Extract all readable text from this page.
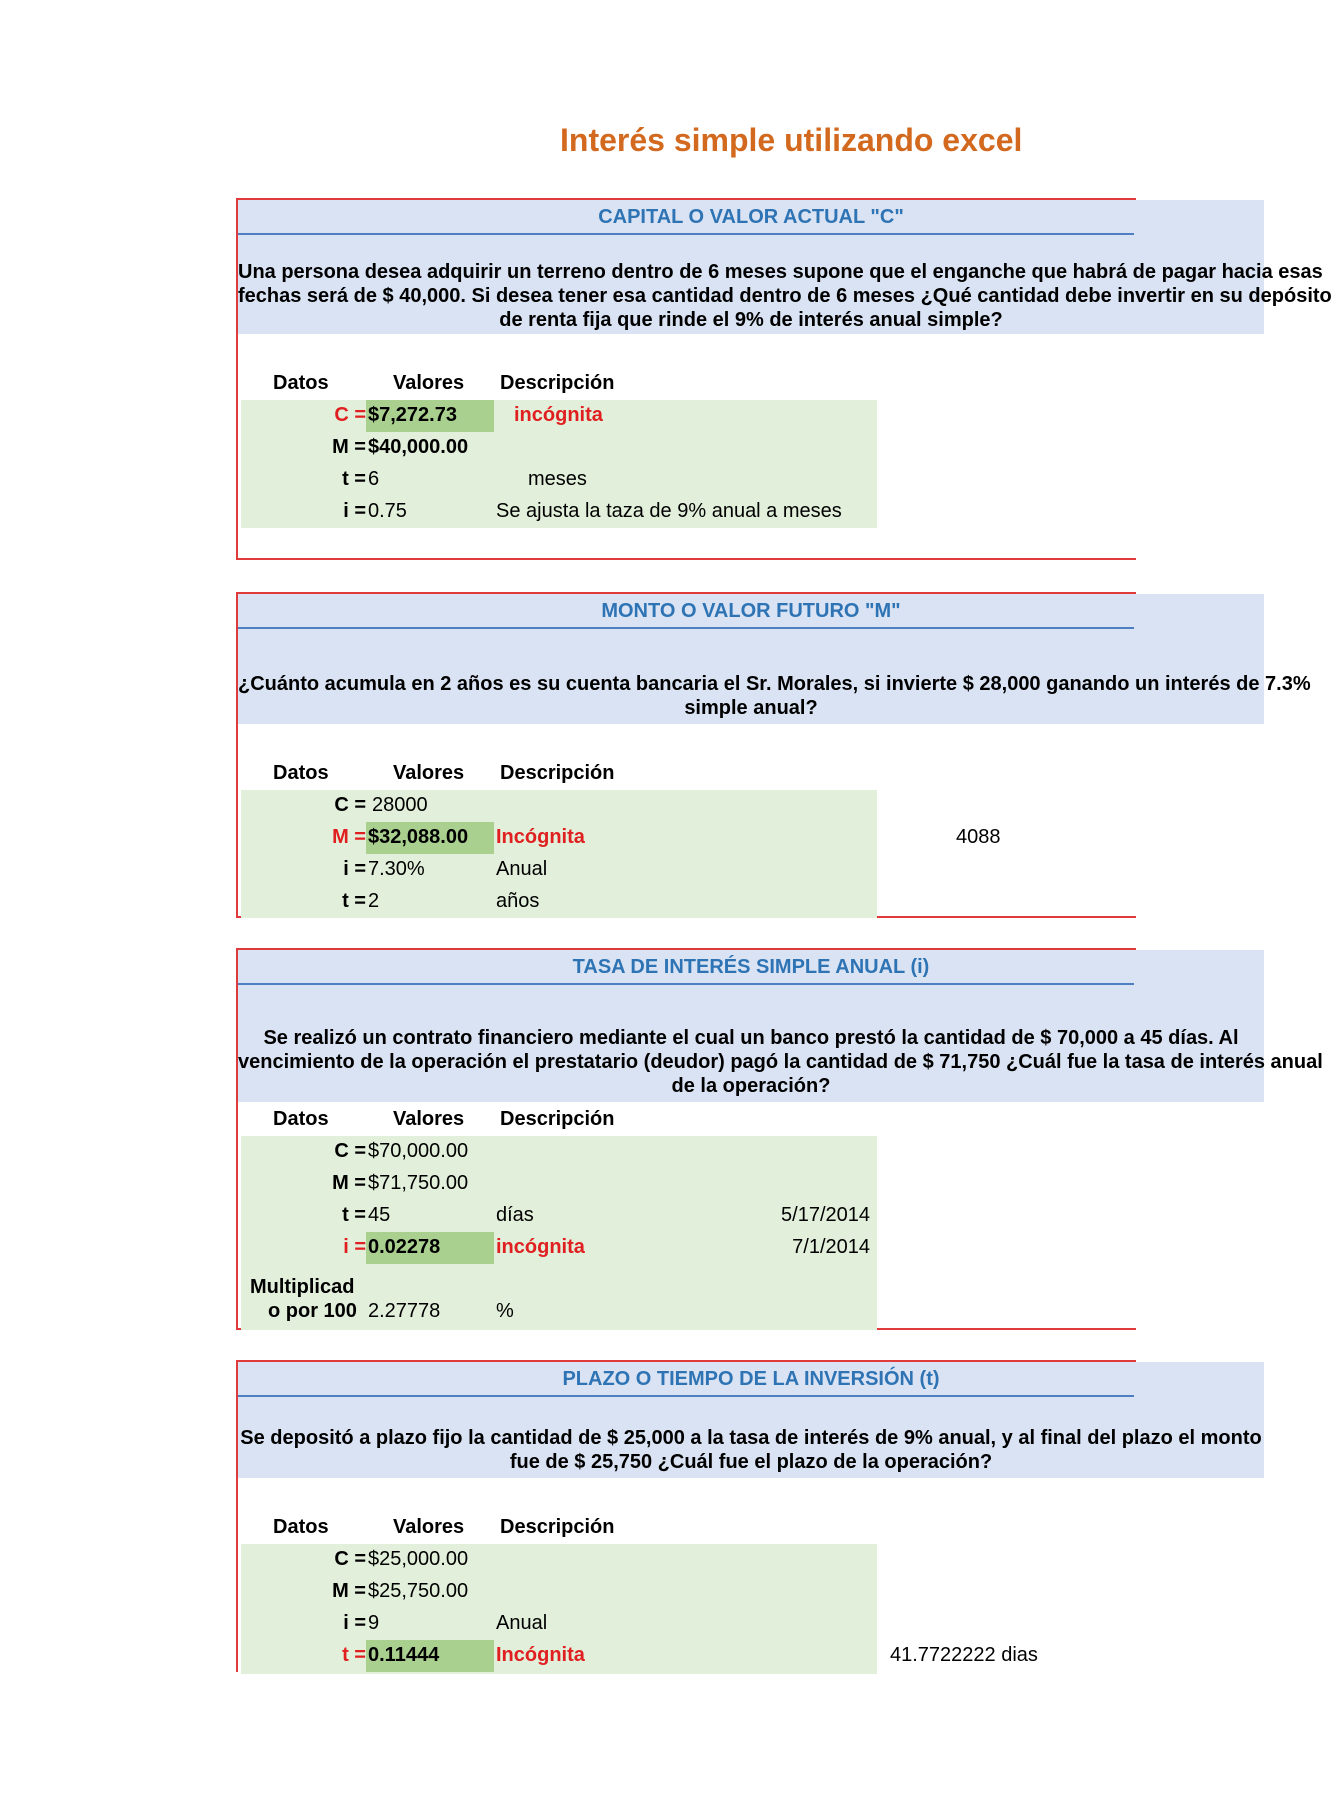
Interés simple utilizando excel
CAPITAL O VALOR ACTUAL "C"
Una persona desea adquirir un terreno dentro de 6 meses supone que el enganche que habrá de pagar hacia esas
fechas será de $ 40,000. Si desea tener esa cantidad dentro de 6 meses ¿Qué cantidad debe invertir en su depósito
de renta fija que rinde el 9% de interés anual simple?
Datos	Valores Descripción
C = $7,272.73	incógnita
M = $40,000.00
t = 6	meses
i = 0.75	Se ajusta la taza de 9% anual a meses
MONTO O VALOR FUTURO "M"
¿Cuánto acumula en 2 años es su cuenta bancaria el Sr. Morales, si invierte $ 28,000 ganando un interés de 7.3%
simple anual?
Datos	Valores Descripción
C = 28000
M = $32,088.00 Incógnita	4088
i = 7.30%	Anual
t = 2	años
TASA DE INTERÉS SIMPLE ANUAL (i)
Se realizó un contrato financiero mediante el cual un banco prestó la cantidad de $ 70,000 a 45 días. Al
vencimiento de la operación el prestatario (deudor) pagó la cantidad de $ 71,750 ¿Cuál fue la tasa de interés anual
de la operación?
Datos	Valores Descripción
C = $70,000.00
M = $71,750.00
t = 45	días	5/17/2014
i = 0.02278	incógnita	7/1/2014
Multiplicad
o por 100 2.27778	%
PLAZO O TIEMPO DE LA INVERSIÓN (t)
Se depositó a plazo fijo la cantidad de $ 25,000 a la tasa de interés de 9% anual, y al final del plazo el monto
fue de $ 25,750 ¿Cuál fue el plazo de la operación?
Datos	Valores Descripción
C = $25,000.00
M = $25,750.00
i = 9	Anual
t = 0.11444	Incógnita	41.7722222 dias
